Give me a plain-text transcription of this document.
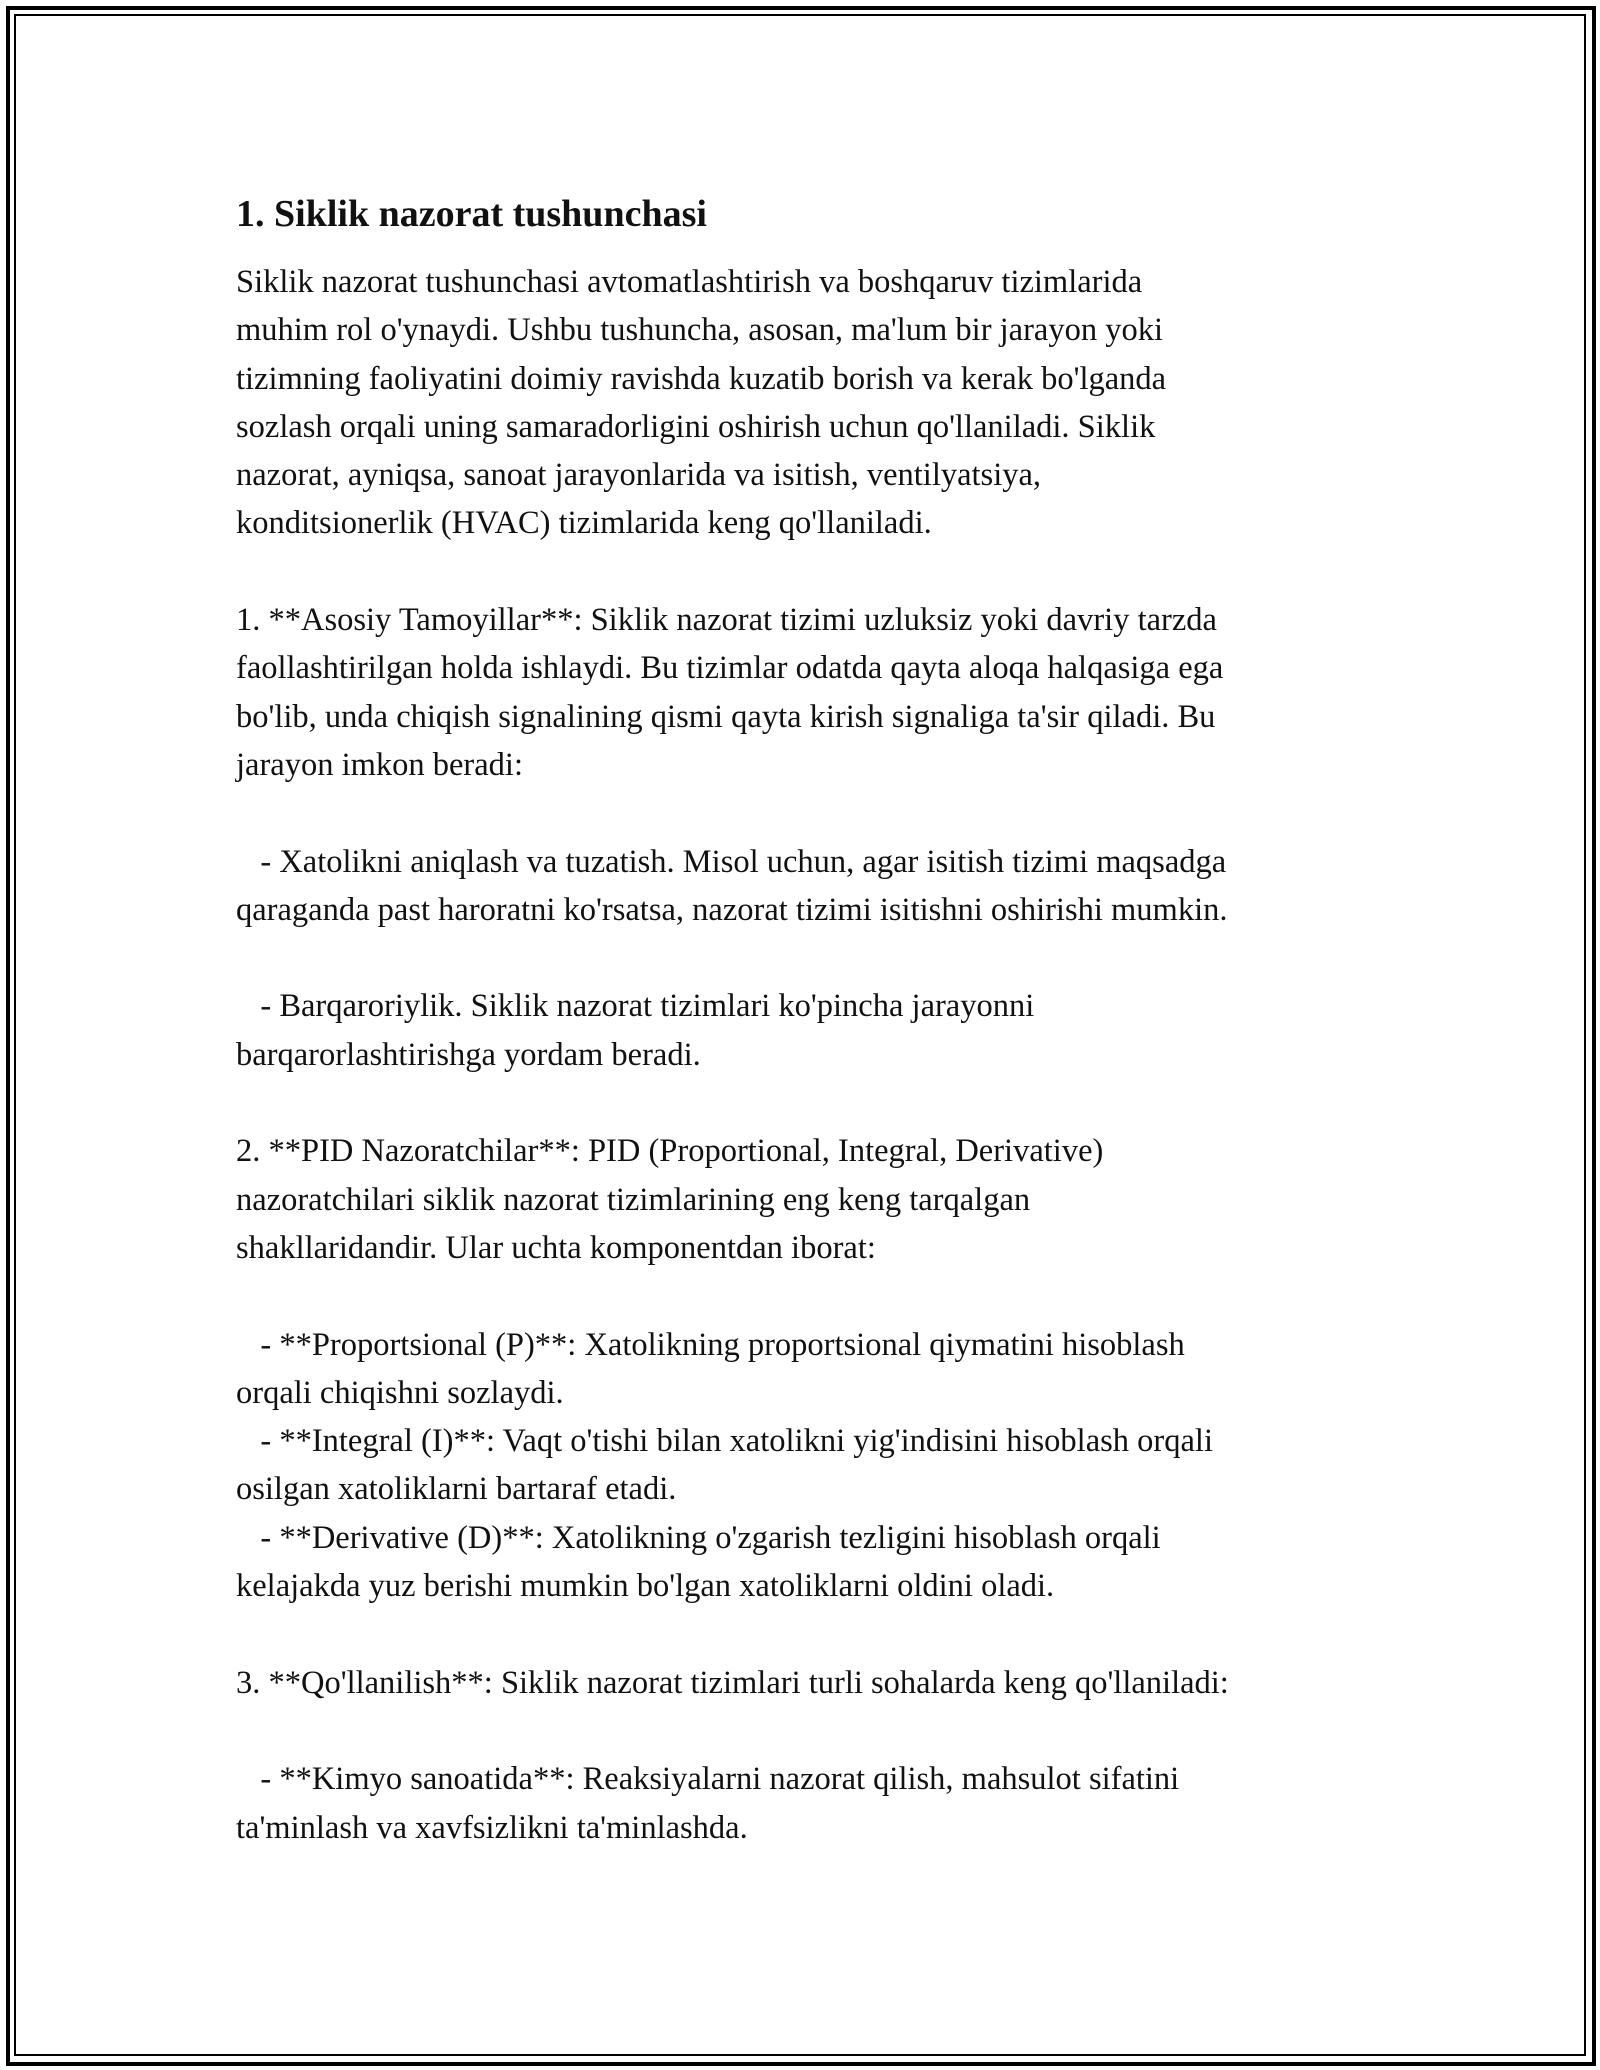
1. Siklik nazorat tushunchasi

Siklik nazorat tushunchasi avtomatlashtirish va boshqaruv tizimlarida
muhim rol o'ynaydi. Ushbu tushuncha, asosan, ma'lum bir jarayon yoki
tizimning faoliyatini doimiy ravishda kuzatib borish va kerak bo'lganda
sozlash orqali uning samaradorligini oshirish uchun qo'llaniladi. Siklik
nazorat, ayniqsa, sanoat jarayonlarida va isitish, ventilyatsiya,
konditsionerlik (HVAC) tizimlarida keng qo'llaniladi.

1. **Asosiy Tamoyillar**: Siklik nazorat tizimi uzluksiz yoki davriy tarzda
faollashtirilgan holda ishlaydi. Bu tizimlar odatda qayta aloqa halqasiga ega
bo'lib, unda chiqish signalining qismi qayta kirish signaliga ta'sir qiladi. Bu
jarayon imkon beradi:

- Xatolikni aniqlash va tuzatish. Misol uchun, agar isitish tizimi maqsadga
qaraganda past haroratni ko'rsatsa, nazorat tizimi isitishni oshirishi mumkin.

- Barqaroriylik. Siklik nazorat tizimlari ko'pincha jarayonni
barqarorlashtirishga yordam beradi.

2. **PID Nazoratchilar**: PID (Proportional, Integral, Derivative)
nazoratchilari siklik nazorat tizimlarining eng keng tarqalgan
shakllaridandir. Ular uchta komponentdan iborat:

- **Proportsional (P)**: Xatolikning proportsional qiymatini hisoblash
orqali chiqishni sozlaydi.
- **Integral (I)**: Vaqt o'tishi bilan xatolikni yig'indisini hisoblash orqali
osilgan xatoliklarni bartaraf etadi.
- **Derivative (D)**: Xatolikning o'zgarish tezligini hisoblash orqali
kelajakda yuz berishi mumkin bo'lgan xatoliklarni oldini oladi.

3. **Qo'llanilish**: Siklik nazorat tizimlari turli sohalarda keng qo'llaniladi:

- **Kimyo sanoatida**: Reaksiyalarni nazorat qilish, mahsulot sifatini
ta'minlash va xavfsizlikni ta'minlashda.
